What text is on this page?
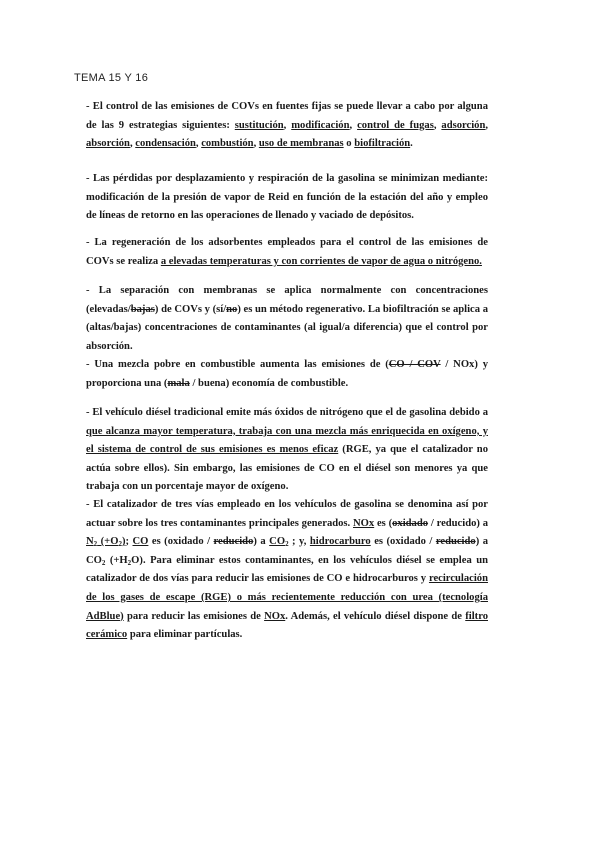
TEMA 15 Y 16

- El control de las emisiones de COVs en fuentes fijas se puede llevar a cabo por alguna de las 9 estrategias siguientes: sustitución, modificación, control de fugas, adsorción, absorción, condensación, combustión, uso de membranas o biofiltración.

- Las pérdidas por desplazamiento y respiración de la gasolina se minimizan mediante: modificación de la presión de vapor de Reid en función de la estación del año y empleo de líneas de retorno en las operaciones de llenado y vaciado de depósitos.

- La regeneración de los adsorbentes empleados para el control de las emisiones de COVs se realiza a elevadas temperaturas y con corrientes de vapor de agua o nitrógeno.

- La separación con membranas se aplica normalmente con concentraciones (elevadas/bajas) de COVs y (sí/no) es un método regenerativo. La biofiltración se aplica a (altas/bajas) concentraciones de contaminantes (al igual/a diferencia) que el control por absorción.

- Una mezcla pobre en combustible aumenta las emisiones de (CO / COV / NOx) y proporciona una (mala / buena) economía de combustible.

- El vehículo diésel tradicional emite más óxidos de nitrógeno que el de gasolina debido a que alcanza mayor temperatura, trabaja con una mezcla más enriquecida en oxígeno, y el sistema de control de sus emisiones es menos eficaz (RGE, ya que el catalizador no actúa sobre ellos). Sin embargo, las emisiones de CO en el diésel son menores ya que trabaja con un porcentaje mayor de oxígeno.

- El catalizador de tres vías empleado en los vehículos de gasolina se denomina así por actuar sobre los tres contaminantes principales generados. NOx es (oxidado / reducido) a $N_2$ $(+O_2)$; CO es (oxidado / reducido) a $CO_2$ ; y, hidrocarburo es (oxidado / reducido) a $CO_2$ $(+H_2O)$. Para eliminar estos contaminantes, en los vehículos diésel se emplea un catalizador de dos vías para reducir las emisiones de CO e hidrocarburos y recirculación de los gases de escape (RGE) o más recientemente reducción con urea (tecnología AdBlue) para reducir las emisiones de NOx. Además, el vehículo diésel dispone de filtro cerámico para eliminar partículas.
